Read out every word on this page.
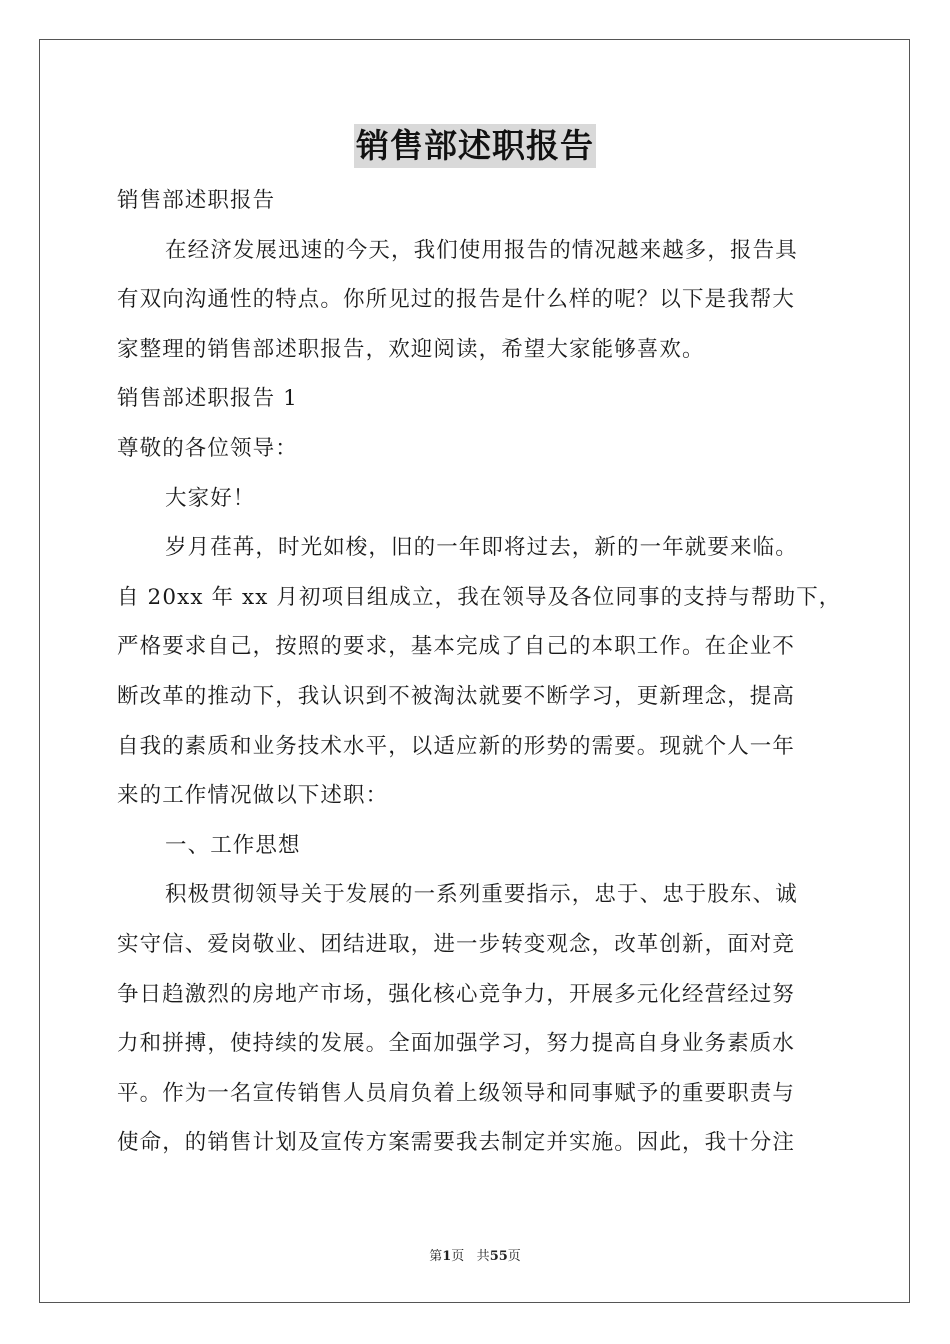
销售部述职报告
销售部述职报告
在经济发展迅速的今天，我们使用报告的情况越来越多，报告具
有双向沟通性的特点。你所见过的报告是什么样的呢？以下是我帮大
家整理的销售部述职报告，欢迎阅读，希望大家能够喜欢。
销售部述职报告 1
尊敬的各位领导：
大家好！
岁月荏苒，时光如梭，旧的一年即将过去，新的一年就要来临。
自 20xx 年 xx 月初项目组成立，我在领导及各位同事的支持与帮助下，
严格要求自己，按照的要求，基本完成了自己的本职工作。在企业不
断改革的推动下，我认识到不被淘汰就要不断学习，更新理念，提高
自我的素质和业务技术水平，以适应新的形势的需要。现就个人一年
来的工作情况做以下述职：
一、工作思想
积极贯彻领导关于发展的一系列重要指示，忠于、忠于股东、诚
实守信、爱岗敬业、团结进取，进一步转变观念，改革创新，面对竞
争日趋激烈的房地产市场，强化核心竞争力，开展多元化经营经过努
力和拼搏，使持续的发展。全面加强学习，努力提高自身业务素质水
平。作为一名宣传销售人员肩负着上级领导和同事赋予的重要职责与
使命，的销售计划及宣传方案需要我去制定并实施。因此，我十分注
第1页 共55页
